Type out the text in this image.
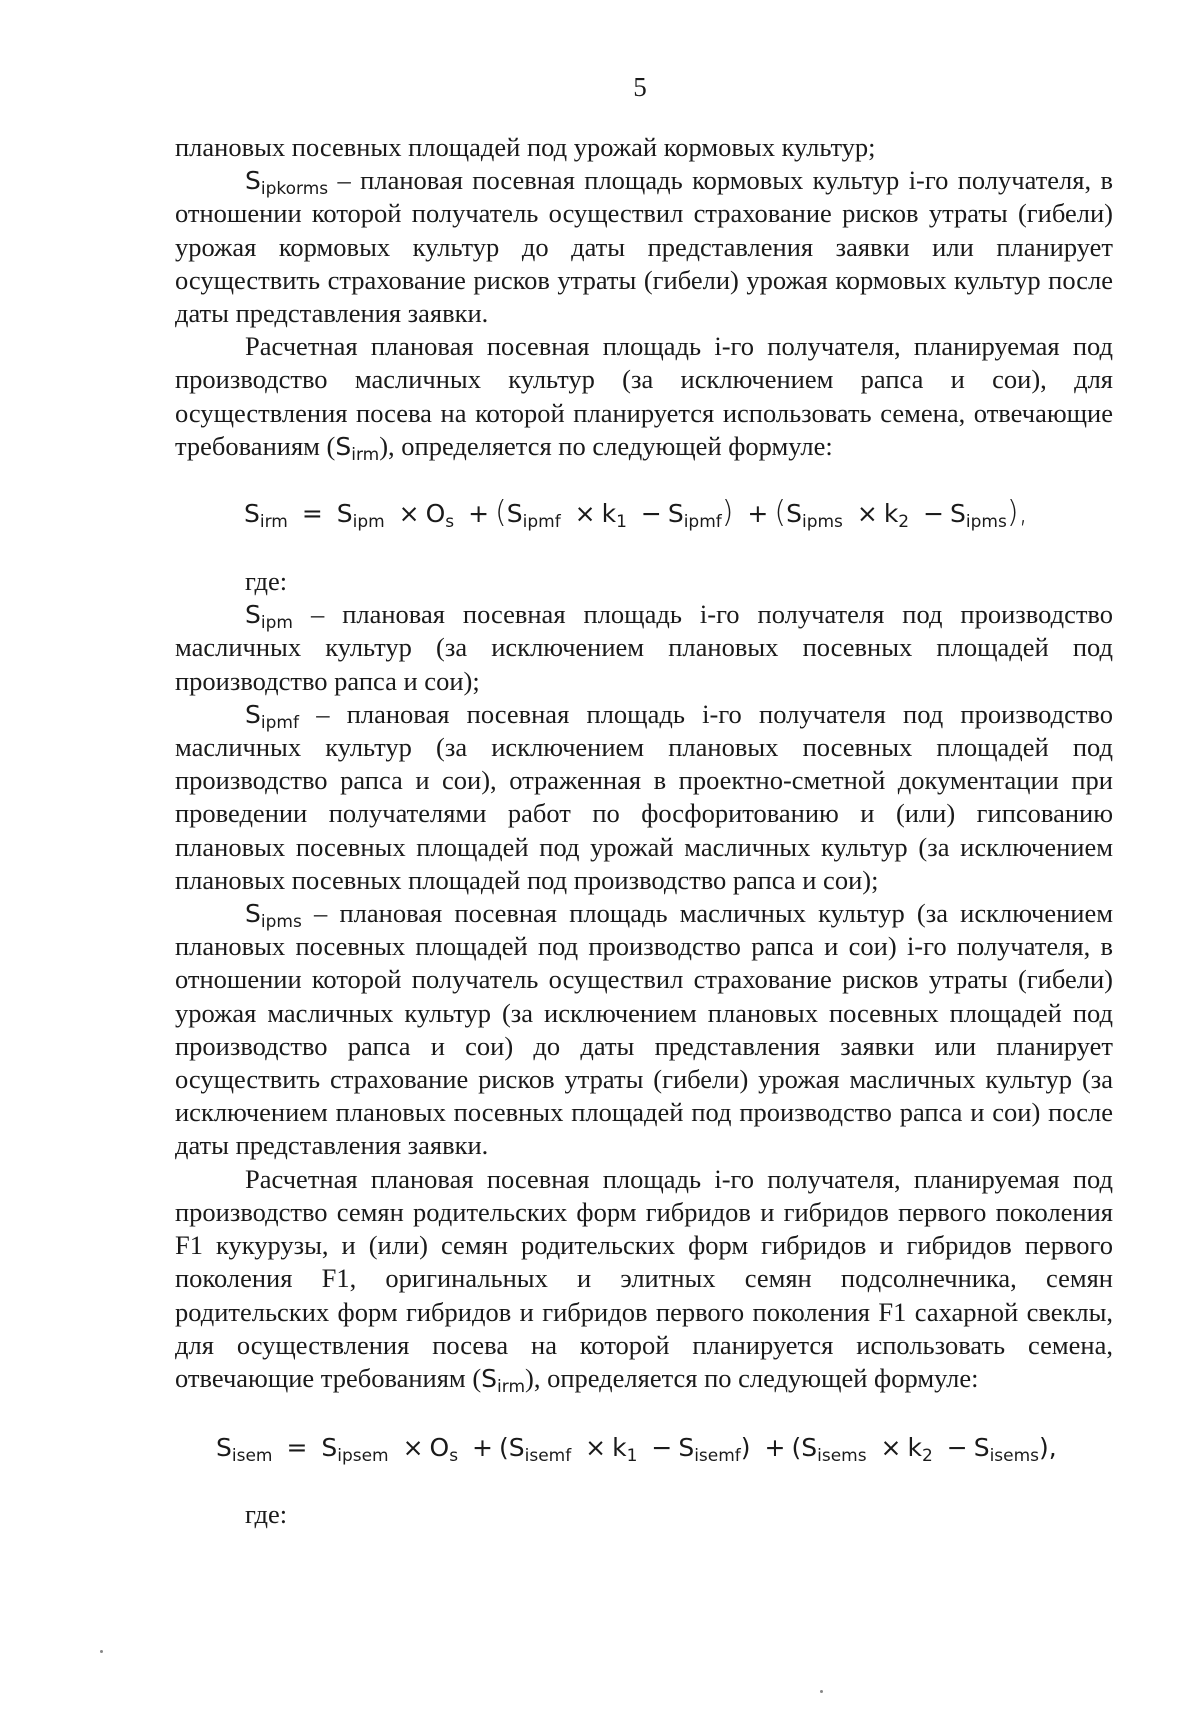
5

плановых посевных площадей под урожай кормовых культур;

$S_{ipkorms}$ – плановая посевная площадь кормовых культур i-го получателя, в отношении которой получатель осуществил страхование рисков утраты (гибели) урожая кормовых культур до даты представления заявки или планирует осуществить страхование рисков утраты (гибели) урожая кормовых культур после даты представления заявки.

Расчетная плановая посевная площадь i-го получателя, планируемая под производство масличных культур (за исключением рапса и сои), для осуществления посева на которой планируется использовать семена, отвечающие требованиям $(S_{irm})$, определяется по следующей формуле:

$S_{irm} = S_{ipm} \times O_s + (S_{ipmf} \times k_1 - S_{ipmf}) + (S_{ipms} \times k_2 - S_{ipms})$,

где:

$S_{ipm}$ – плановая посевная площадь i-го получателя под производство масличных культур (за исключением плановых посевных площадей под производство рапса и сои);

$S_{ipmf}$ – плановая посевная площадь i-го получателя под производство масличных культур (за исключением плановых посевных площадей под производство рапса и сои), отраженная в проектно-сметной документации при проведении получателями работ по фосфоритованию и (или) гипсованию плановых посевных площадей под урожай масличных культур (за исключением плановых посевных площадей под производство рапса и сои);

$S_{ipms}$ – плановая посевная площадь масличных культур (за исключением плановых посевных площадей под производство рапса и сои) i-го получателя, в отношении которой получатель осуществил страхование рисков утраты (гибели) урожая масличных культур (за исключением плановых посевных площадей под производство рапса и сои) до даты представления заявки или планирует осуществить страхование рисков утраты (гибели) урожая масличных культур (за исключением плановых посевных площадей под производство рапса и сои) после даты представления заявки.

Расчетная плановая посевная площадь i-го получателя, планируемая под производство семян родительских форм гибридов и гибридов первого поколения F1 кукурузы, и (или) семян родительских форм гибридов и гибридов первого поколения F1, оригинальных и элитных семян подсолнечника, семян родительских форм гибридов и гибридов первого поколения F1 сахарной свеклы, для осуществления посева на которой планируется использовать семена, отвечающие требованиям $(S_{irm})$, определяется по следующей формуле:

$S_{isem} = S_{ipsem} \times O_s + (S_{isemf} \times k_1 - S_{isemf}) + (S_{isems} \times k_2 - S_{isems})$,

где:
